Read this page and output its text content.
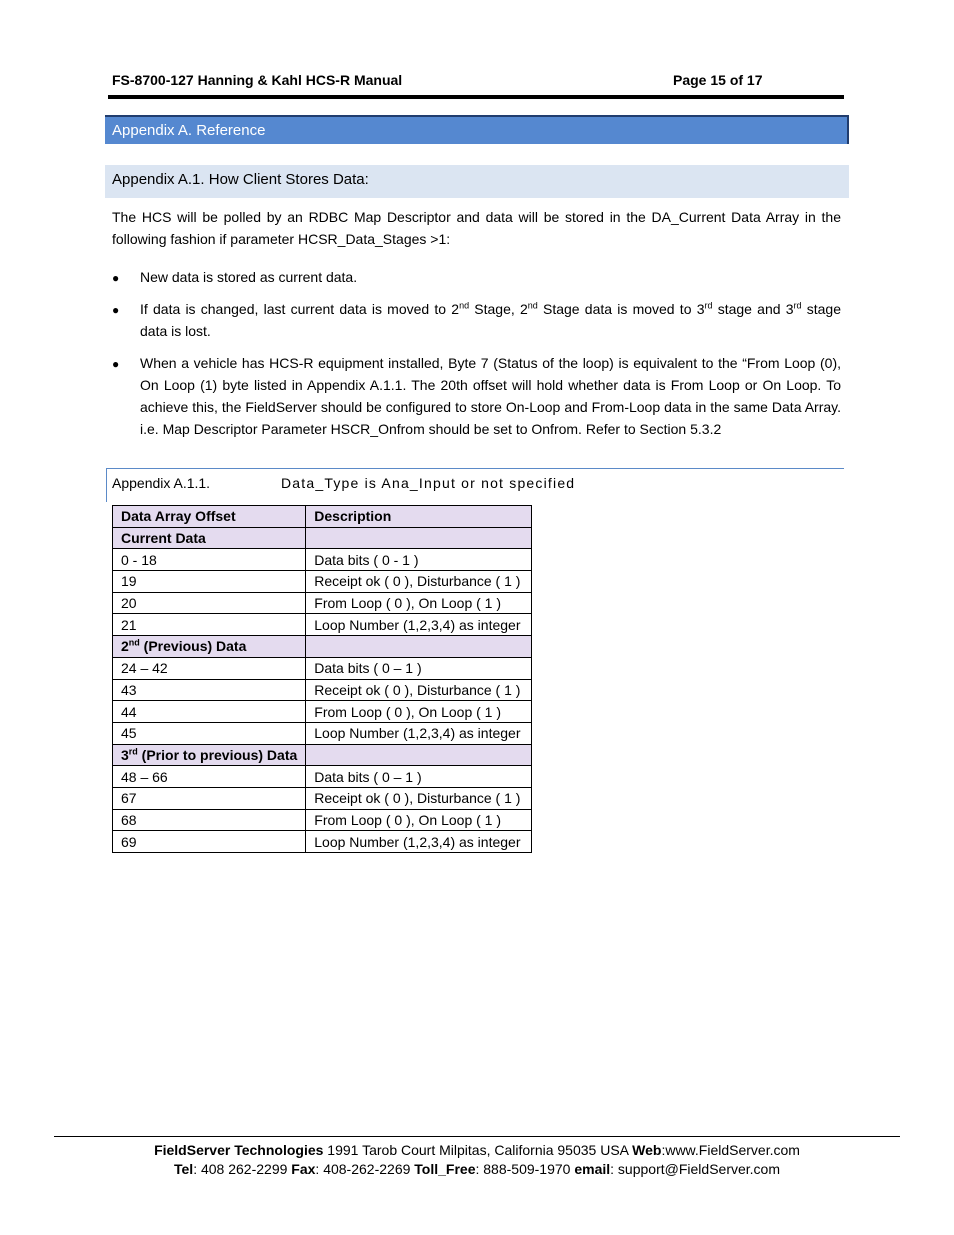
FS-8700-127 Hanning & Kahl HCS-R Manual	Page 15 of 17
Appendix A. Reference
Appendix A.1. How Client Stores Data:

The HCS will be polled by an RDBC Map Descriptor and data will be stored in the DA_Current Data Array in the following fashion if parameter HCSR_Data_Stages >1:

● New data is stored as current data.
● If data is changed, last current data is moved to 2nd Stage, 2nd Stage data is moved to 3rd stage and 3rd stage data is lost.
● When a vehicle has HCS-R equipment installed, Byte 7 (Status of the loop) is equivalent to the “From Loop (0), On Loop (1) byte listed in Appendix A.1.1. The 20th offset will hold whether data is From Loop or On Loop. To achieve this, the FieldServer should be configured to store On-Loop and From-Loop data in the same Data Array. i.e. Map Descriptor Parameter HSCR_Onfrom should be set to Onfrom. Refer to Section 5.3.2
Appendix A.1.1.	Data_Type is Ana_Input or not specified
Data Array Offset	Description
Current Data	
0 - 18	Data bits ( 0 - 1 )
19	Receipt ok ( 0 ), Disturbance ( 1 )
20	From Loop ( 0 ), On Loop ( 1 )
21	Loop Number (1,2,3,4) as integer
2nd (Previous) Data	
24 – 42	Data bits ( 0 – 1 )
43	Receipt ok ( 0 ), Disturbance ( 1 )
44	From Loop ( 0 ), On Loop ( 1 )
45	Loop Number (1,2,3,4) as integer
3rd (Prior to previous) Data	
48 – 66	Data bits ( 0 – 1 )
67	Receipt ok ( 0 ), Disturbance ( 1 )
68	From Loop ( 0 ), On Loop ( 1 )
69	Loop Number (1,2,3,4) as integer
FieldServer Technologies 1991 Tarob Court Milpitas, California 95035 USA Web:www.FieldServer.com
Tel: 408 262-2299 Fax: 408-262-2269 Toll_Free: 888-509-1970 email: support@FieldServer.com
